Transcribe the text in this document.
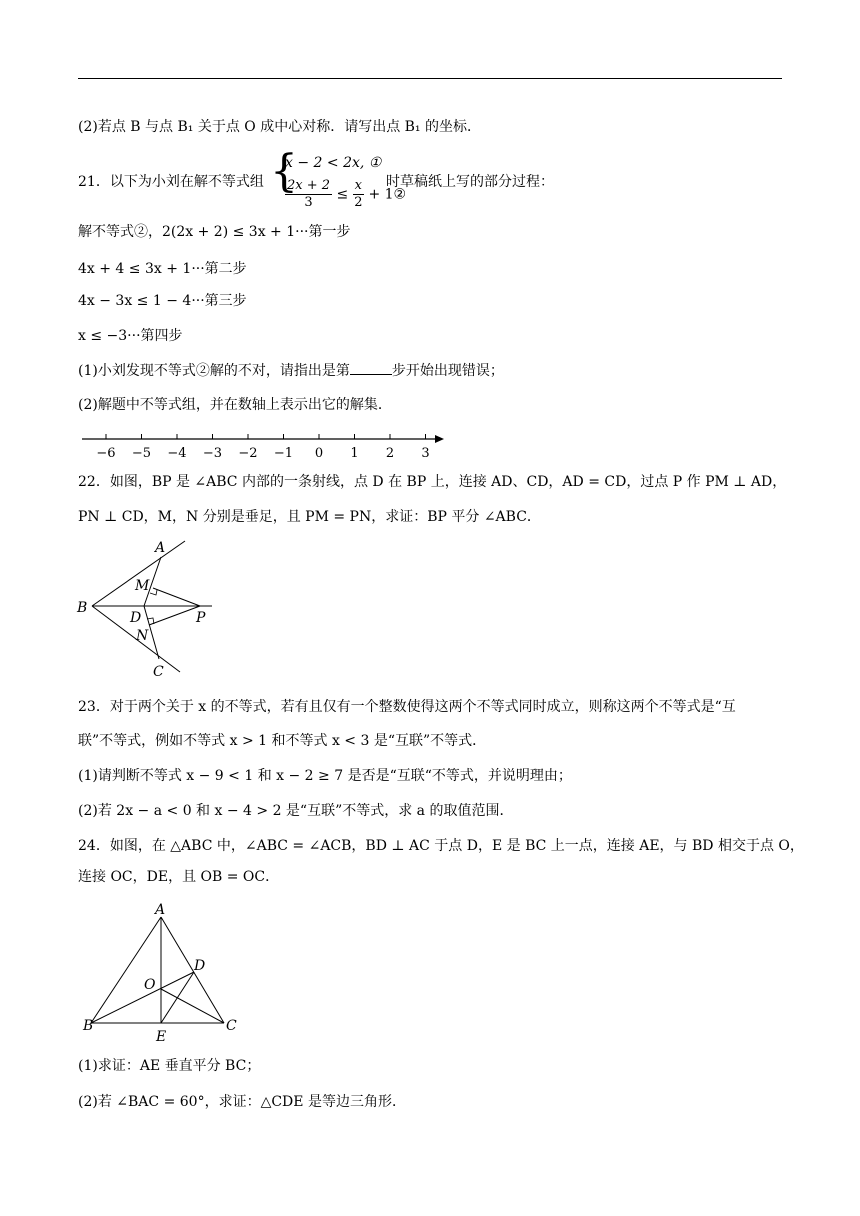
(2)若点 B 与点 B₁ 关于点 O 成中心对称．请写出点 B₁ 的坐标．
21．以下为小刘在解不等式组 {
x − 2 < 2x, ①
$\frac{2x + 2}{3} \le \frac{x}{2}$ + 1②
时草稿纸上写的部分过程：
解不等式②，2(2x + 2) ≤ 3x + 1···第一步
4x + 4 ≤ 3x + 1···第二步
4x − 3x ≤ 1 − 4···第三步
x ≤ −3···第四步
(1)小刘发现不等式②解的不对，请指出是第	步开始出现错误；
(2)解题中不等式组，并在数轴上表示出它的解集．
−6 −5 −4 −3 −2 −1 0 1 2 3
22．如图，BP 是 ∠ABC 内部的一条射线，点 D 在 BP 上，连接 AD、CD，AD = CD，过点 P 作 PM ⊥ AD，
PN ⊥ CD，M，N 分别是垂足，且 PM = PN，求证：BP 平分 ∠ABC．
A
B
C
D
M
N
P
23．对于两个关于 x 的不等式，若有且仅有一个整数使得这两个不等式同时成立，则称这两个不等式是“互
联”不等式，例如不等式 x > 1 和不等式 x < 3 是“互联”不等式．
(1)请判断不等式 x − 9 < 1 和 x − 2 ≥ 7 是否是“互联“不等式，并说明理由；
(2)若 2x − a < 0 和 x − 4 > 2 是“互联”不等式，求 a 的取值范围．
24．如图，在 △ABC 中，∠ABC = ∠ACB，BD ⊥ AC 于点 D，E 是 BC 上一点，连接 AE，与 BD 相交于点 O，
连接 OC，DE，且 OB = OC．
A
B	C
D
E
O
(1)求证：AE 垂直平分 BC；
(2)若 ∠BAC = 60°，求证：△CDE 是等边三角形．
